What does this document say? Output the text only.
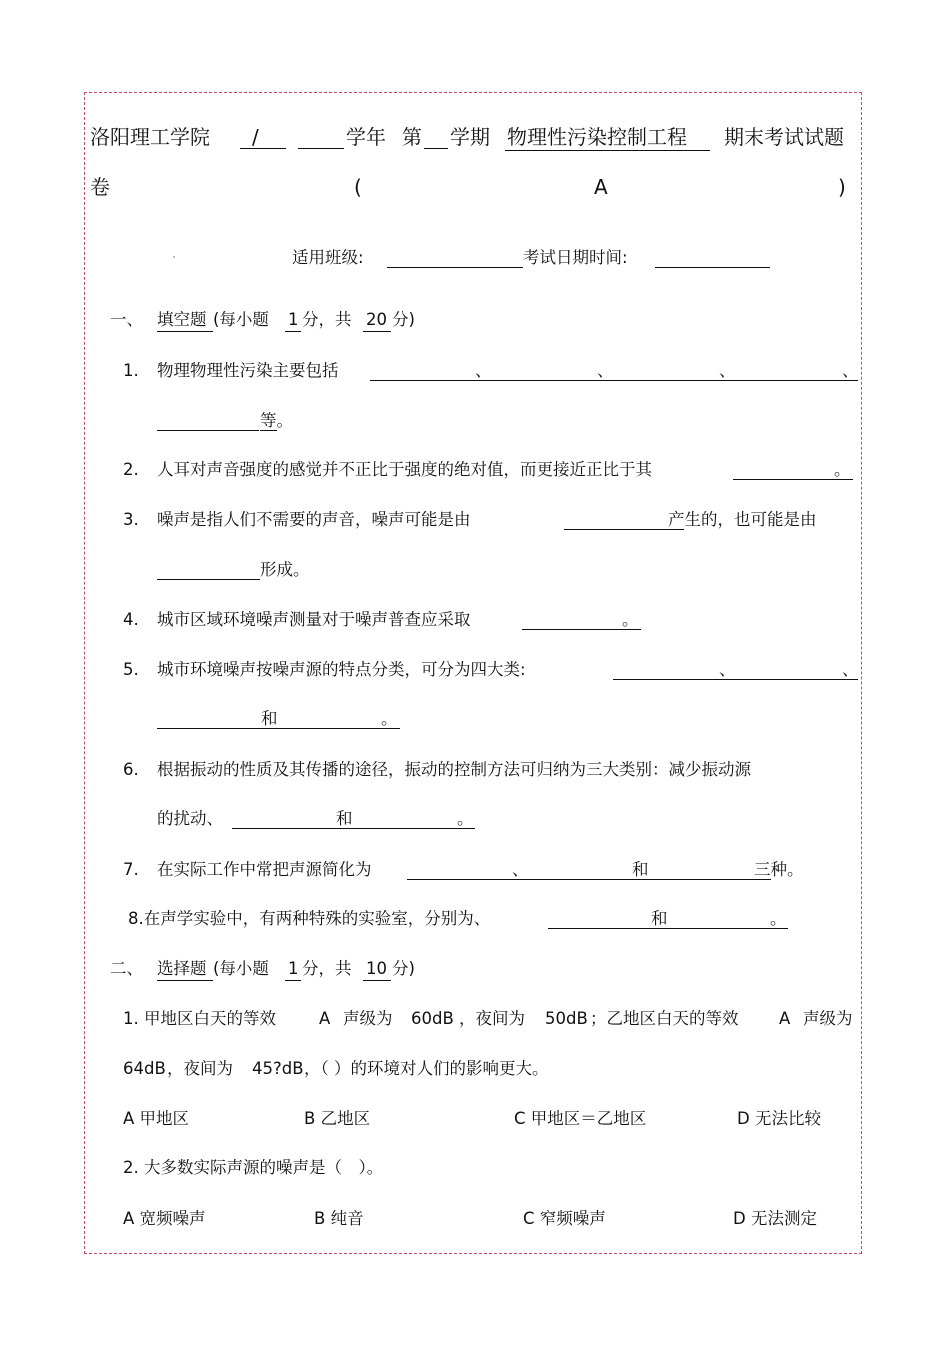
洛阳理工学院 /	学年 第 学期 物理性污染控制工程 期末考试试题
卷	(	A	)
适用班级:	考试日期时间:
一、 填空题 (每小题 1 分，共 20 分)
1. 物理物理性污染主要包括	、	、	、	、
等。
2. 人耳对声音强度的感觉并不正比于强度的绝对值，而更接近正比于其	。
3. 噪声是指人们不需要的声音，噪声可能是由	产生的，也可能是由
形成。
4. 城市区域环境噪声测量对于噪声普查应采取	。
5. 城市环境噪声按噪声源的特点分类，可分为四大类:	、	、
和	。
6. 根据振动的性质及其传播的途径，振动的控制方法可归纳为三大类别：减少振动源
的扰动、	和	。
7. 在实际工作中常把声源简化为	、	和	三种。
8.在声学实验中，有两种特殊的实验室，分别为、	和	。
二、 选择题 (每小题 1 分，共 10 分)
1. 甲地区白天的等效	A 声级为 60dB ，夜间为 50dB ；乙地区白天的等效 A 声级为
64dB ，夜间为 45?dB ，（ ）的环境对人们的影响更大。
A 甲地区	B 乙地区	C 甲地区＝乙地区	D 无法比较
2. 大多数实际声源的噪声是（　）。
A 宽频噪声	B 纯音	C 窄频噪声	D 无法测定
